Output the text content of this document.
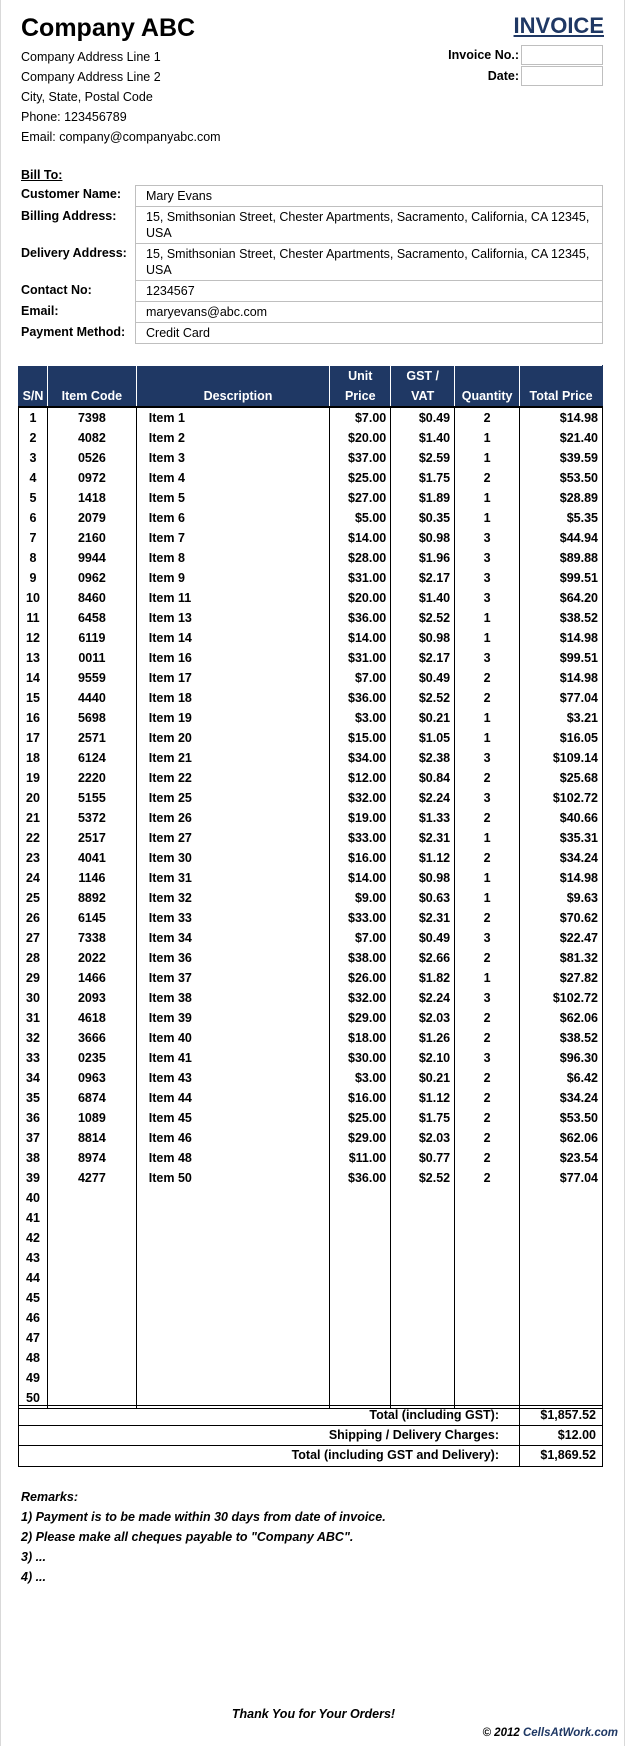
Company ABC
Company Address Line 1
Company Address Line 2
City, State, Postal Code
Phone: 123456789
Email: company@companyabc.com
INVOICE
Invoice No.:
Date:
Bill To:
Customer Name:	Mary Evans
Billing Address:	15, Smithsonian Street, Chester Apartments, Sacramento, California, CA 12345, USA
Delivery Address:	15, Smithsonian Street, Chester Apartments, Sacramento, California, CA 12345, USA
Contact No:	1234567
Email:	maryevans@abc.com
Payment Method:	Credit Card
S/N	Item Code	Description	Unit Price	GST / VAT	Quantity	Total Price
1	7398	Item 1	$7.00	$0.49	2	$14.98
2	4082	Item 2	$20.00	$1.40	1	$21.40
3	0526	Item 3	$37.00	$2.59	1	$39.59
4	0972	Item 4	$25.00	$1.75	2	$53.50
5	1418	Item 5	$27.00	$1.89	1	$28.89
6	2079	Item 6	$5.00	$0.35	1	$5.35
7	2160	Item 7	$14.00	$0.98	3	$44.94
8	9944	Item 8	$28.00	$1.96	3	$89.88
9	0962	Item 9	$31.00	$2.17	3	$99.51
10	8460	Item 11	$20.00	$1.40	3	$64.20
11	6458	Item 13	$36.00	$2.52	1	$38.52
12	6119	Item 14	$14.00	$0.98	1	$14.98
13	0011	Item 16	$31.00	$2.17	3	$99.51
14	9559	Item 17	$7.00	$0.49	2	$14.98
15	4440	Item 18	$36.00	$2.52	2	$77.04
16	5698	Item 19	$3.00	$0.21	1	$3.21
17	2571	Item 20	$15.00	$1.05	1	$16.05
18	6124	Item 21	$34.00	$2.38	3	$109.14
19	2220	Item 22	$12.00	$0.84	2	$25.68
20	5155	Item 25	$32.00	$2.24	3	$102.72
21	5372	Item 26	$19.00	$1.33	2	$40.66
22	2517	Item 27	$33.00	$2.31	1	$35.31
23	4041	Item 30	$16.00	$1.12	2	$34.24
24	1146	Item 31	$14.00	$0.98	1	$14.98
25	8892	Item 32	$9.00	$0.63	1	$9.63
26	6145	Item 33	$33.00	$2.31	2	$70.62
27	7338	Item 34	$7.00	$0.49	3	$22.47
28	2022	Item 36	$38.00	$2.66	2	$81.32
29	1466	Item 37	$26.00	$1.82	1	$27.82
30	2093	Item 38	$32.00	$2.24	3	$102.72
31	4618	Item 39	$29.00	$2.03	2	$62.06
32	3666	Item 40	$18.00	$1.26	2	$38.52
33	0235	Item 41	$30.00	$2.10	3	$96.30
34	0963	Item 43	$3.00	$0.21	2	$6.42
35	6874	Item 44	$16.00	$1.12	2	$34.24
36	1089	Item 45	$25.00	$1.75	2	$53.50
37	8814	Item 46	$29.00	$2.03	2	$62.06
38	8974	Item 48	$11.00	$0.77	2	$23.54
39	4277	Item 50	$36.00	$2.52	2	$77.04
40						
41						
42						
43						
44						
45						
46						
47						
48						
49						
50						
Total (including GST):	$1,857.52
Shipping / Delivery Charges:	$12.00
Total (including GST and Delivery):	$1,869.52
Remarks:
1) Payment is to be made within 30 days from date of invoice.
2) Please make all cheques payable to "Company ABC".
3) ...
4) ...
Thank You for Your Orders!
© 2012 CellsAtWork.com
